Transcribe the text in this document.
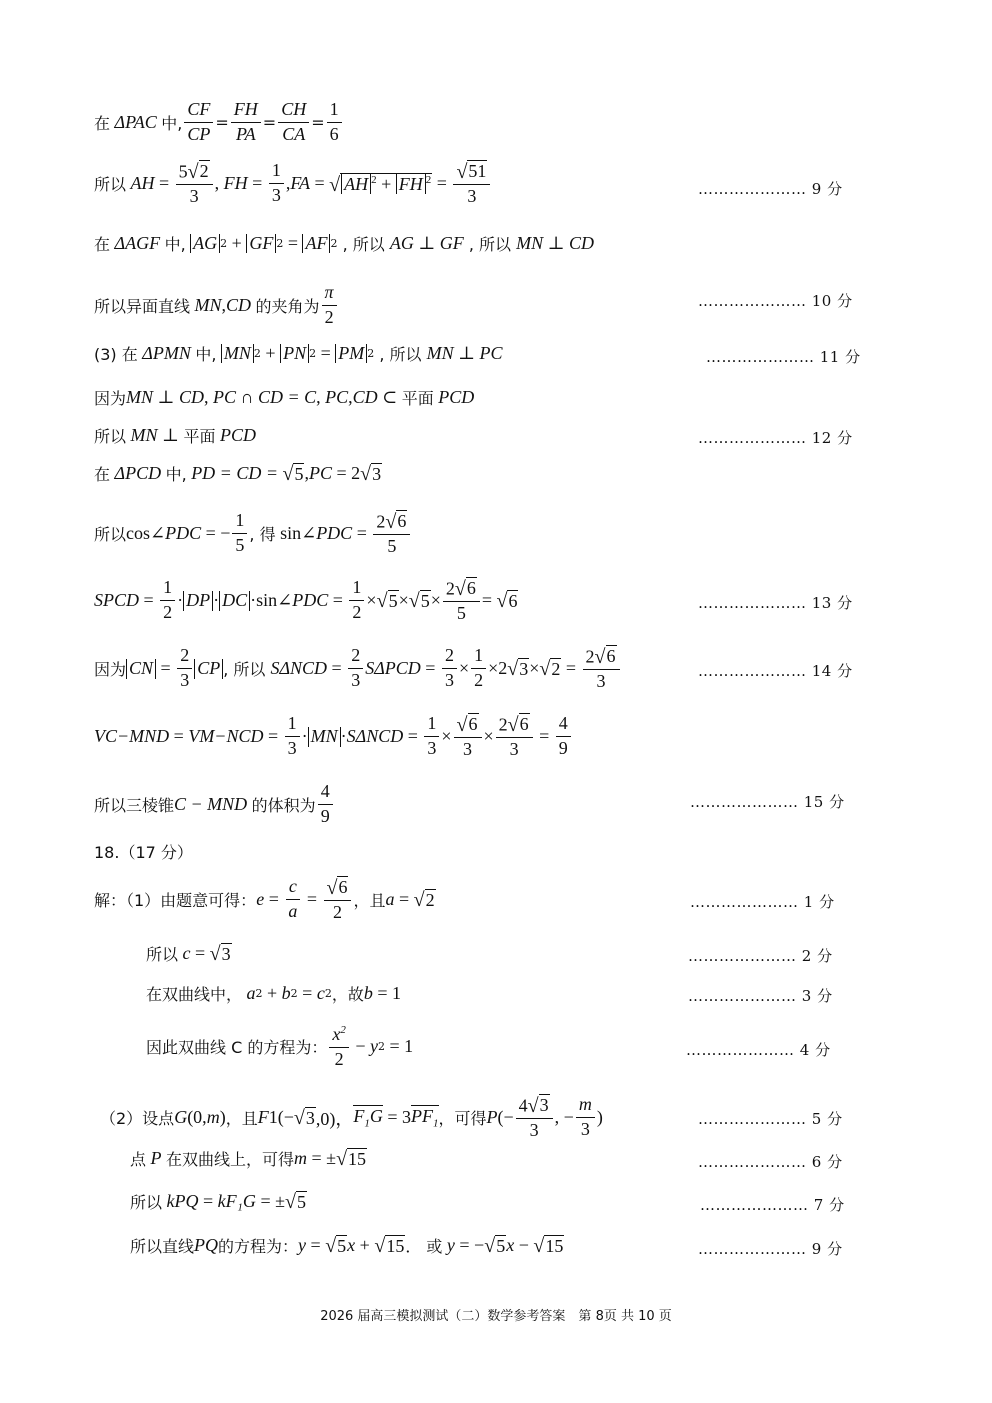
在 ΔPAC 中, $\frac{CF}{CP} = \frac{FH}{PA} = \frac{CH}{CA} = \frac{1}{6}$
所以 AH = $\frac{5 √ 2}{3}$ , FH = $\frac{1}{3}$ , FA = √ AH $^2$ + FH $^2 = \frac{√ 51}{3}$	………………… 9 分
在 ΔAGF 中,
AG 2 + GF 2 = AF 2 , 所以 AG ⊥ GF , 所以 MN ⊥ CD
所以异面直线 MN , CD 的夹角为 $\frac{\pi}{2}$	………………… 10 分
(3) 在 ΔPMN 中,
MN 2 + PN 2 = PM 2 , 所以 MN ⊥ PC	………………… 11 分
因为 MN ⊥ CD , PC ∩ CD = C , PC , CD ⊂ 平面 PCD
所以 MN ⊥ 平面 PCD	………………… 12 分
在 ΔPCD 中, PD = CD = √ 5 , PC = 2 √ 3
所以 cos∠ PDC = − $\frac{1}{5}$ , 得 sin∠ PDC = $\frac{2 √ 6}{5}$
S PCD = $\frac{1}{2}$ · DP · DC ·sin∠ PDC = $\frac{1}{2}$ × √ 5 × √ $5 \times \frac{2 √ 6}{5}$ = √ 6	………………… 13 分
因为 CN = $\frac{2}{3}$ CP , 所以 S $\Delta NCD = \frac{2}{3}$ S $\Delta PCD = \frac{2}{3} \times \frac{1}{2} \times 2$ √ 3 × √ $2 = \frac{2 √ 6}{3}$	………………… 14 分
V C−MND = V $M-NCD = \frac{1}{3}$ · MN · S $\Delta NCD = \frac{1}{3} \times \frac{√ 6}{3} \times \frac{2 √ 6}{3} = \frac{4}{9}$
所以三棱锥 C − MND 的体积为 $\frac{4}{9}$	………………… 15 分
18.（17 分）
解：（1）由题意可得： $e = \frac{c}{a} = \frac{√ 6}{2}$ ，且 a = √ 2	………………… 1 分
所以 c = √ 3	………………… 2 分
在双曲线中， a 2 + b 2 = c 2 ，故 b = 1	………………… 3 分
因此双曲线 C 的方程为： $\frac{x^2}{2} - y$ 2 = 1	………………… 4 分
（2）设点 G (0, m ) ，且 F 1 (− √ 3 ,0)， $F_1G = 3$ $PF_1$ ，可得 P (− $\frac{4 √ 3}{3}$ , − $\frac{m}{3}$ )	………………… 5 分
点 P 在双曲线上，可得 m = ± √ 15	………………… 6 分
所以 k PQ = k F₁G = ± √ 5	………………… 7 分
所以直线 PQ 的方程为： y = √ 5 x + √ 15 ． 或 y = − √ 5 x − √ 15	………………… 9 分
2026 届高三模拟测试（二）数学参考答案　第 8页 共 10 页
